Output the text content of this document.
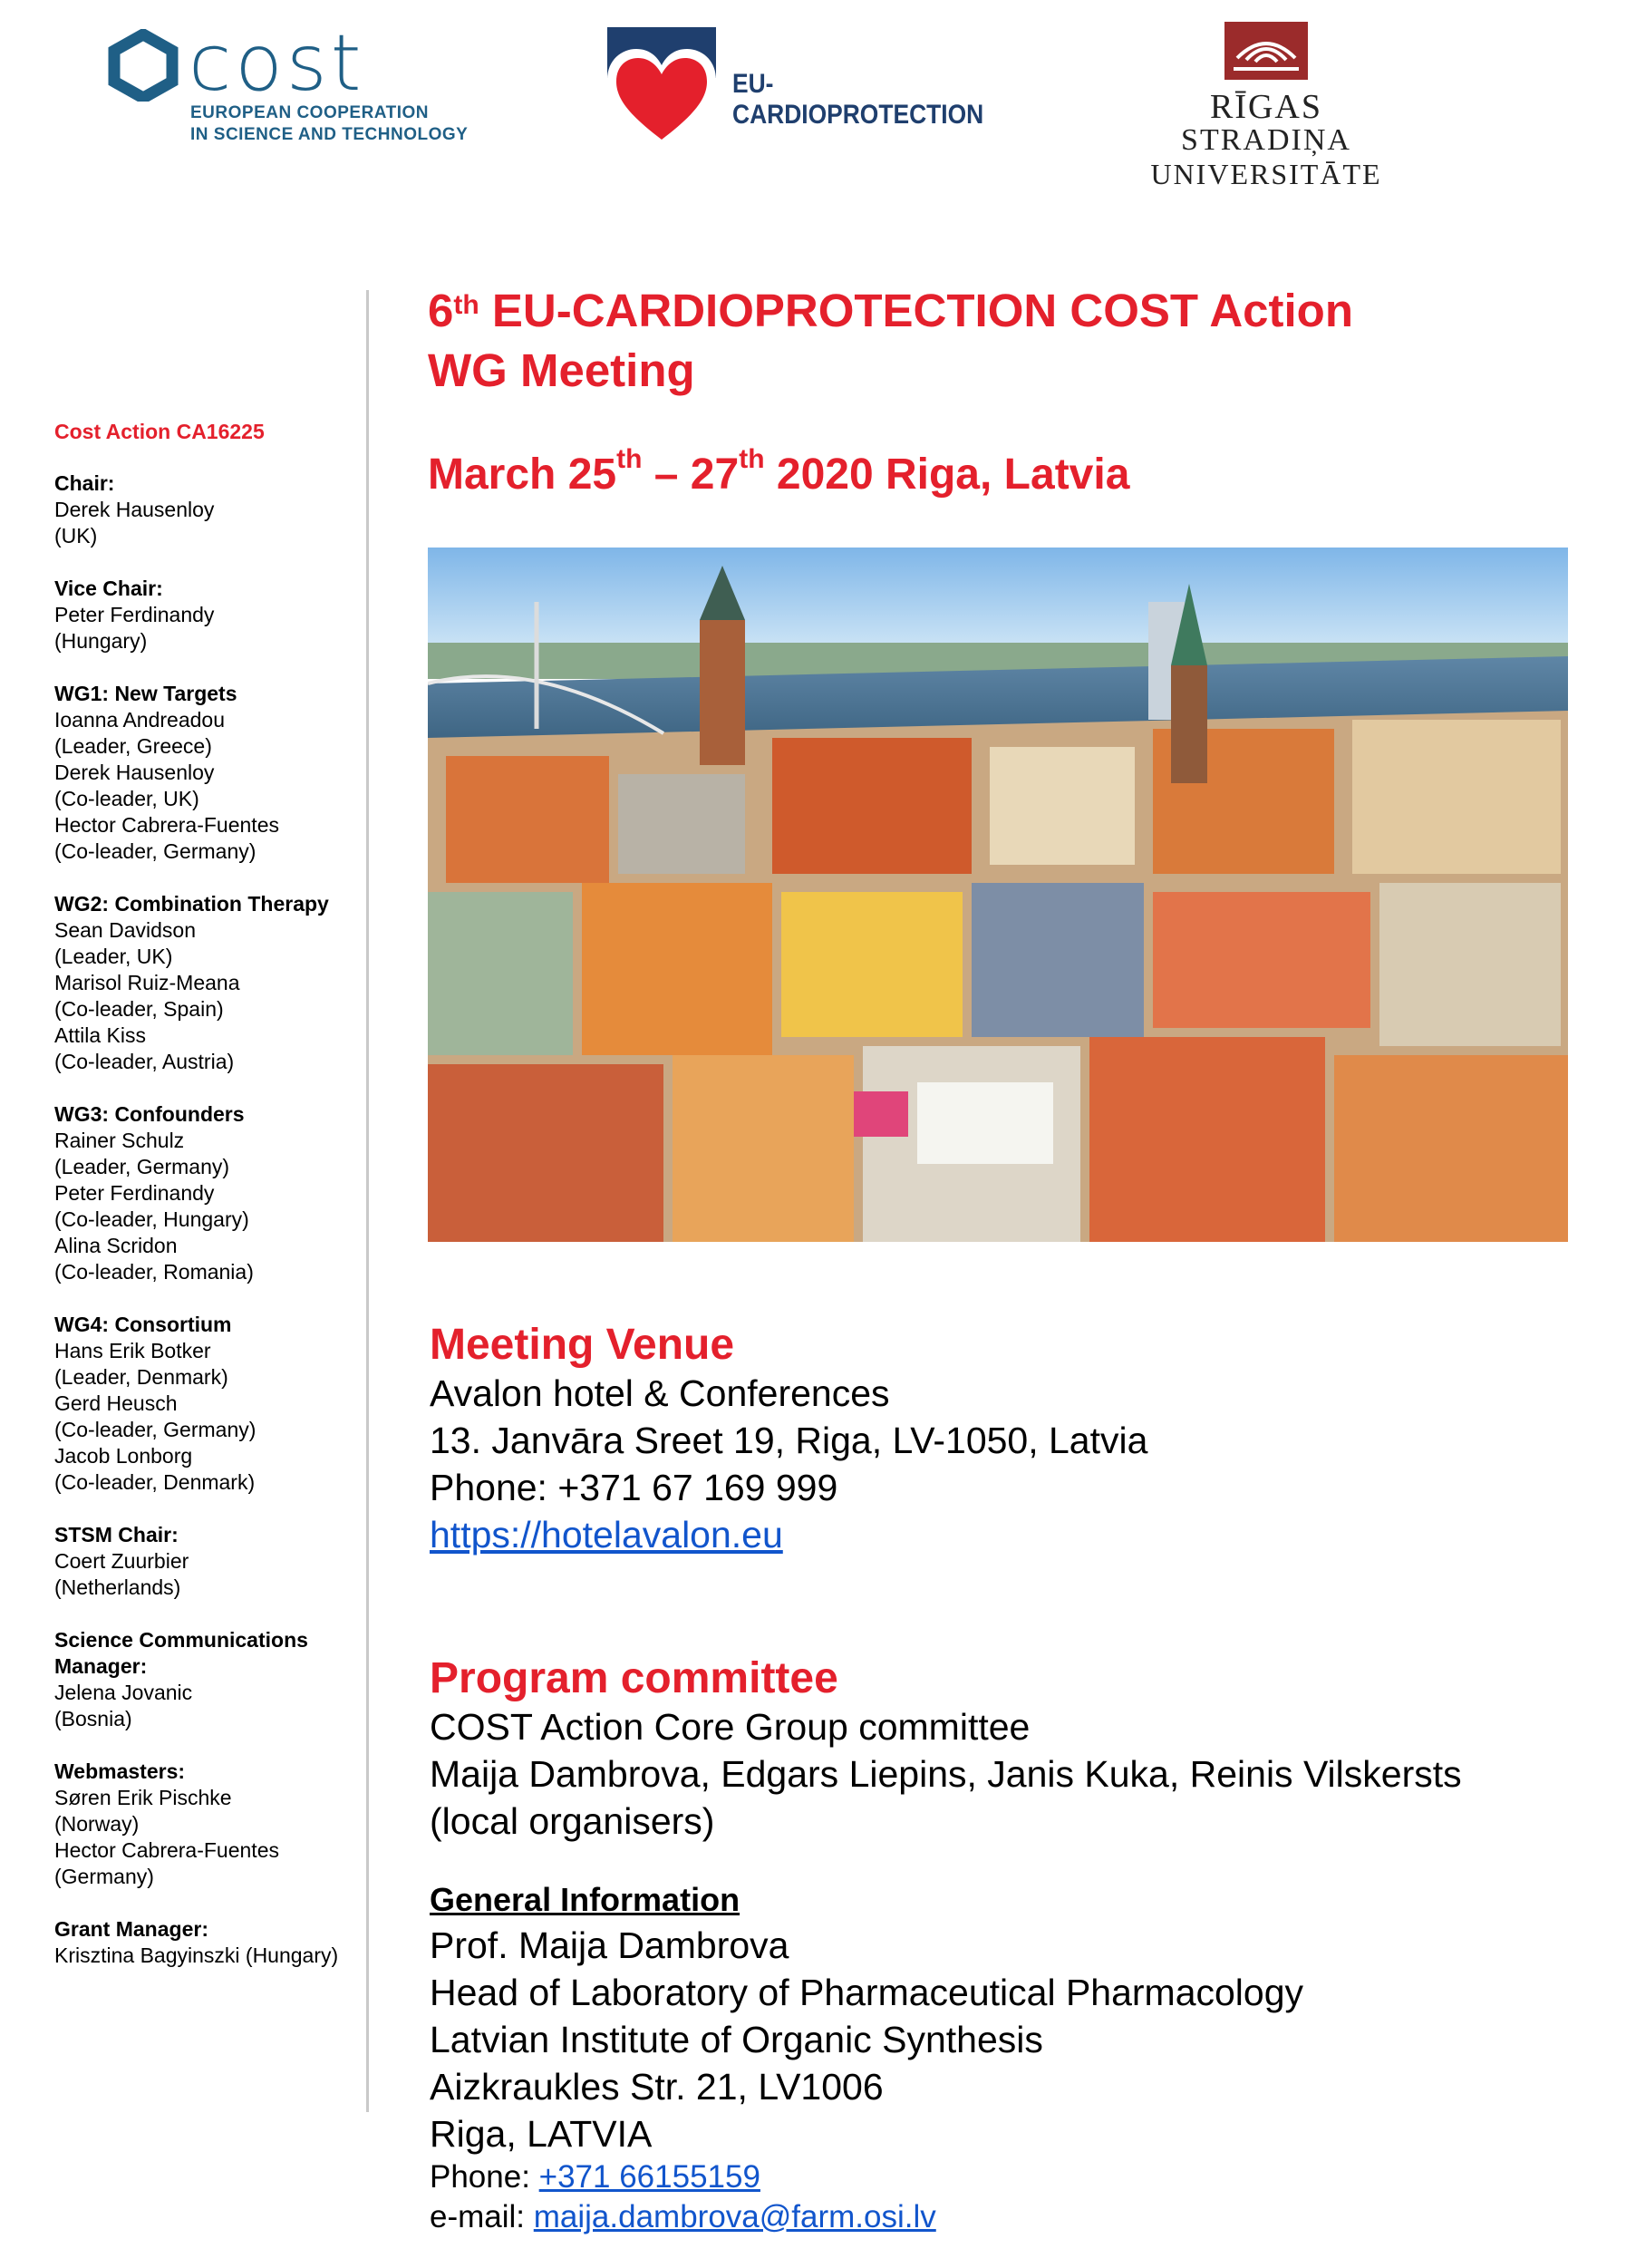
cost
EUROPEAN COOPERATION
IN SCIENCE AND TECHNOLOGY
EU-CARDIOPROTECTION	RĪGAS
STRADIŅA
UNIVERSITĀTE
Cost Action CA16225
Chair:
Derek Hausenloy
(UK)
Vice Chair:
Peter Ferdinandy
(Hungary)
WG1: New Targets
Ioanna Andreadou
(Leader, Greece)
Derek Hausenloy
(Co-leader, UK)
Hector Cabrera-Fuentes
(Co-leader, Germany)
WG2: Combination Therapy
Sean Davidson
(Leader, UK)
Marisol Ruiz-Meana
(Co-leader, Spain)
Attila Kiss
(Co-leader, Austria)
WG3: Confounders
Rainer Schulz
(Leader, Germany)
Peter Ferdinandy
(Co-leader, Hungary)
Alina Scridon
(Co-leader, Romania)
WG4: Consortium
Hans Erik Botker
(Leader, Denmark)
Gerd Heusch
(Co-leader, Germany)
Jacob Lonborg
(Co-leader, Denmark)
STSM Chair:
Coert Zuurbier
(Netherlands)
Science Communications Manager:
Jelena Jovanic
(Bosnia)
Webmasters:
Søren Erik Pischke
(Norway)
Hector Cabrera-Fuentes
(Germany)
Grant Manager:
Krisztina Bagyinszki (Hungary)
6th EU-CARDIOPROTECTION COST Action
WG Meeting
March 25th – 27th 2020 Riga, Latvia
Meeting Venue
Avalon hotel & Conferences
13. Janvāra Sreet 19, Riga, LV-1050, Latvia
Phone: +371 67 169 999
https://hotelavalon.eu
Program committee
COST Action Core Group committee
Maija Dambrova, Edgars Liepins, Janis Kuka, Reinis Vilskersts
(local organisers)
General Information
Prof. Maija Dambrova
Head of Laboratory of Pharmaceutical Pharmacology
Latvian Institute of Organic Synthesis
Aizkraukles Str. 21, LV1006
Riga, LATVIA
Phone: +371 66155159
e-mail: maija.dambrova@farm.osi.lv
